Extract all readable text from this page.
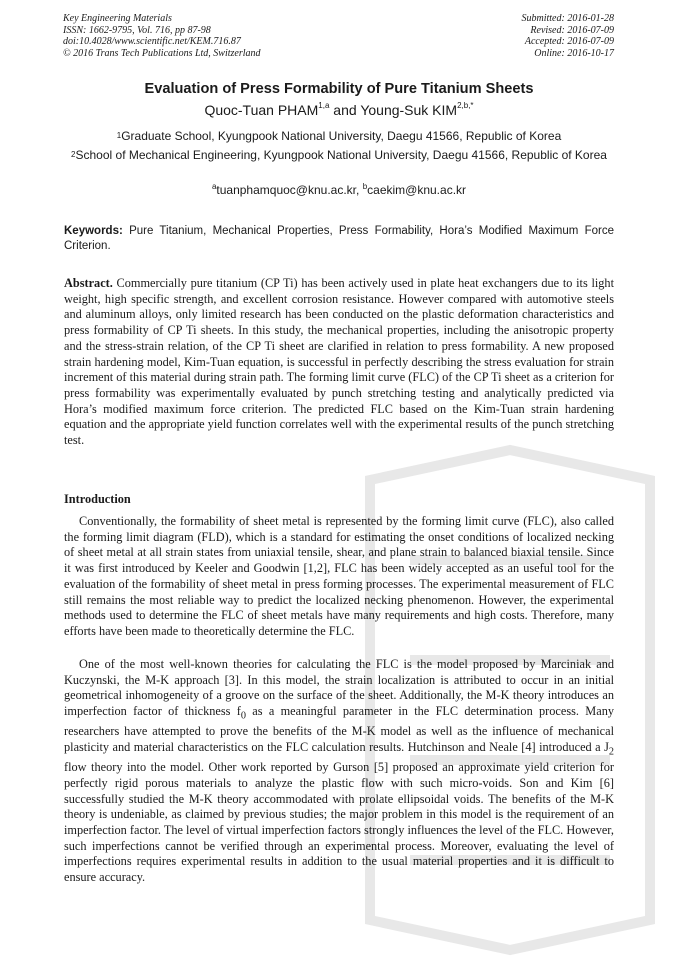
Key Engineering Materials
ISSN: 1662-9795, Vol. 716, pp 87-98
doi:10.4028/www.scientific.net/KEM.716.87
© 2016 Trans Tech Publications Ltd, Switzerland
Submitted: 2016-01-28
Revised: 2016-07-09
Accepted: 2016-07-09
Online: 2016-10-17
Evaluation of Press Formability of Pure Titanium Sheets
Quoc-Tuan PHAM$^{1,a}$ and Young-Suk $KIM^{2,b,*}$
$^1$Graduate School, Kyungpook National University, Daegu 41566, Republic of Korea
$^2$School of Mechanical Engineering, Kyungpook National University, Daegu 41566, Republic of Korea
$^a$tuanphamquoc@knu.ac.kr, $^b$caekim@knu.ac.kr
Keywords: Pure Titanium, Mechanical Properties, Press Formability, Hora’s Modified Maximum Force Criterion.
Abstract. Commercially pure titanium (CP Ti) has been actively used in plate heat exchangers due to its light weight, high specific strength, and excellent corrosion resistance. However compared with automotive steels and aluminum alloys, only limited research has been conducted on the plastic deformation characteristics and press formability of CP Ti sheets. In this study, the mechanical properties, including the anisotropic property and the stress-strain relation, of the CP Ti sheet are clarified in relation to press formability. A new proposed strain hardening model, Kim-Tuan equation, is successful in perfectly describing the stress evaluation for strain increment of this material during strain path. The forming limit curve (FLC) of the CP Ti sheet as a criterion for press formability was experimentally evaluated by punch stretching testing and analytically predicted via Hora’s modified maximum force criterion. The predicted FLC based on the Kim-Tuan strain hardening equation and the appropriate yield function correlates well with the experimental results of the punch stretching test.
Introduction

Conventionally, the formability of sheet metal is represented by the forming limit curve (FLC), also called the forming limit diagram (FLD), which is a standard for estimating the onset conditions of localized necking of sheet metal at all strain states from uniaxial tensile, shear, and plane strain to balanced biaxial tensile. Since it was first introduced by Keeler and Goodwin [1,2], FLC has been widely accepted as an useful tool for the evaluation of the formability of sheet metal in press forming processes. The experimental measurement of FLC still remains the most reliable way to predict the localized necking phenomenon. However, the experimental methods used to determine the FLC of sheet metals have many requirements and high costs. Therefore, many efforts have been made to theoretically determine the FLC.

One of the most well-known theories for calculating the FLC is the model proposed by Marciniak and Kuczynski, the M-K approach [3]. In this model, the strain localization is attributed to occur in an initial geometrical inhomogeneity of a groove on the surface of the sheet. Additionally, the M-K theory introduces an imperfection factor of thickness $f_0$ as a meaningful parameter in the FLC determination process. Many researchers have attempted to prove the benefits of the M-K model as well as the influence of mechanical plasticity and material characteristics on the FLC calculation results. Hutchinson and Neale [4] introduced a $J_2$ flow theory into the model. Other work reported by Gurson [5] proposed an approximate yield criterion for perfectly rigid porous materials to analyze the plastic flow with such micro-voids. Son and Kim [6] successfully studied the M-K theory accommodated with prolate ellipsoidal voids. The benefits of the M-K theory is undeniable, as claimed by previous studies; the major problem in this model is the requirement of an imperfection factor. The level of virtual imperfection factors strongly influences the level of the FLC. However, such imperfections cannot be verified through an experimental process. Moreover, evaluating the level of imperfections requires experimental results in addition to the usual material properties and it is difficult to ensure accuracy.
